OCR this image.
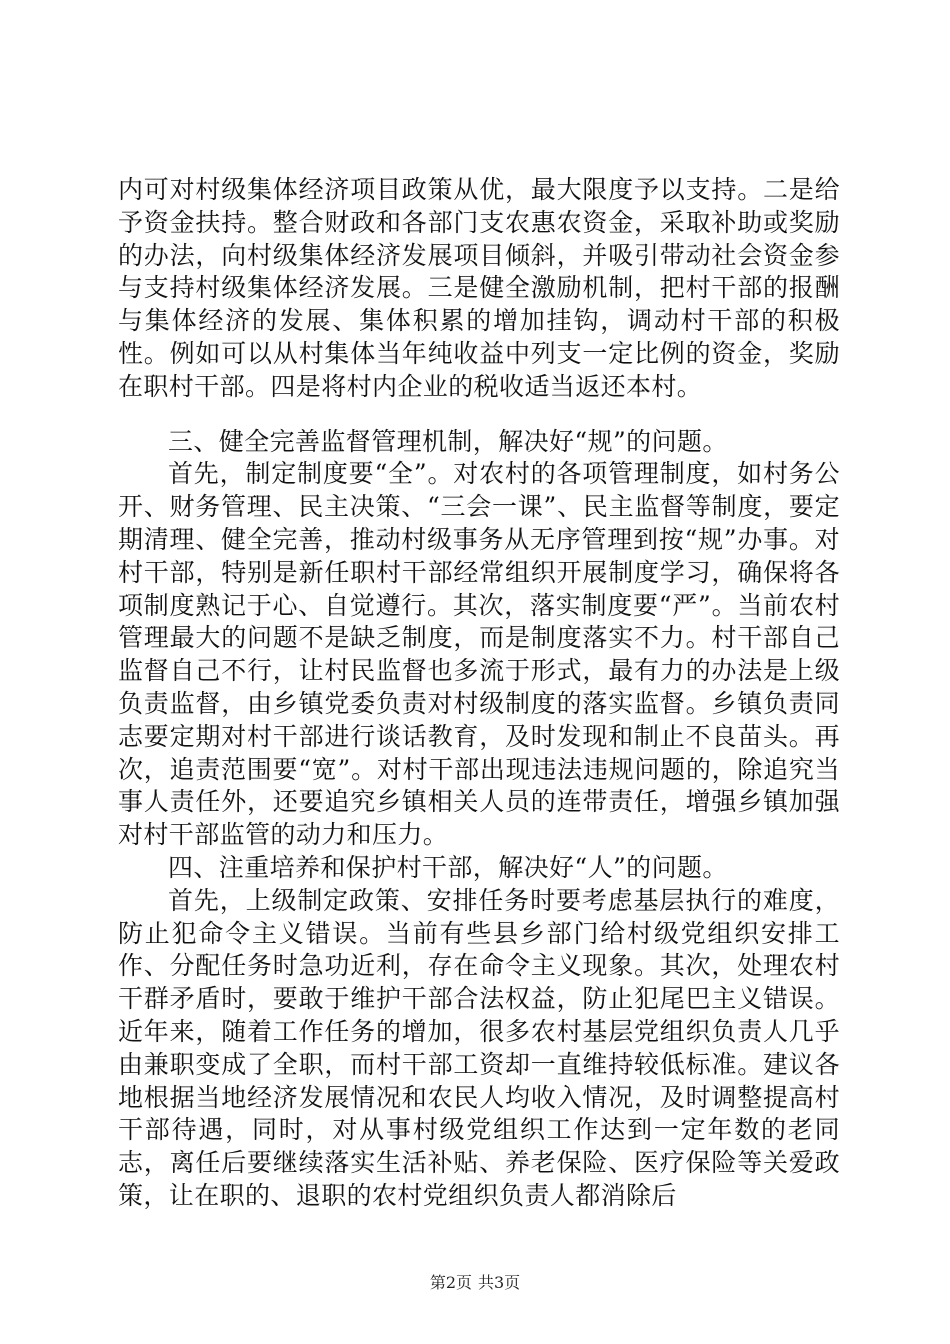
内可对村级集体经济项目政策从优，最大限度予以支持。二是给予资金扶持。整合财政和各部门支农惠农资金，采取补助或奖励的办法，向村级集体经济发展项目倾斜，并吸引带动社会资金参与支持村级集体经济发展。三是健全激励机制，把村干部的报酬与集体经济的发展、集体积累的增加挂钩，调动村干部的积极性。例如可以从村集体当年纯收益中列支一定比例的资金，奖励在职村干部。四是将村内企业的税收适当返还本村。

三、健全完善监督管理机制，解决好“规”的问题。

首先，制定制度要“全”。对农村的各项管理制度，如村务公开、财务管理、民主决策、“三会一课”、民主监督等制度，要定期清理、健全完善，推动村级事务从无序管理到按“规”办事。对村干部，特别是新任职村干部经常组织开展制度学习，确保将各项制度熟记于心、自觉遵行。其次，落实制度要“严”。当前农村管理最大的问题不是缺乏制度，而是制度落实不力。村干部自己监督自己不行，让村民监督也多流于形式，最有力的办法是上级负责监督，由乡镇党委负责对村级制度的落实监督。乡镇负责同志要定期对村干部进行谈话教育，及时发现和制止不良苗头。再次，追责范围要“宽”。对村干部出现违法违规问题的，除追究当事人责任外，还要追究乡镇相关人员的连带责任，增强乡镇加强对村干部监管的动力和压力。

四、注重培养和保护村干部，解决好“人”的问题。

首先，上级制定政策、安排任务时要考虑基层执行的难度，防止犯命令主义错误。当前有些县乡部门给村级党组织安排工作、分配任务时急功近利，存在命令主义现象。其次，处理农村干群矛盾时，要敢于维护干部合法权益，防止犯尾巴主义错误。近年来，随着工作任务的增加，很多农村基层党组织负责人几乎由兼职变成了全职，而村干部工资却一直维持较低标准。建议各地根据当地经济发展情况和农民人均收入情况，及时调整提高村干部待遇，同时，对从事村级党组织工作达到一定年数的老同志，离任后要继续落实生活补贴、养老保险、医疗保险等关爱政策，让在职的、退职的农村党组织负责人都消除后

第2页 共3页
